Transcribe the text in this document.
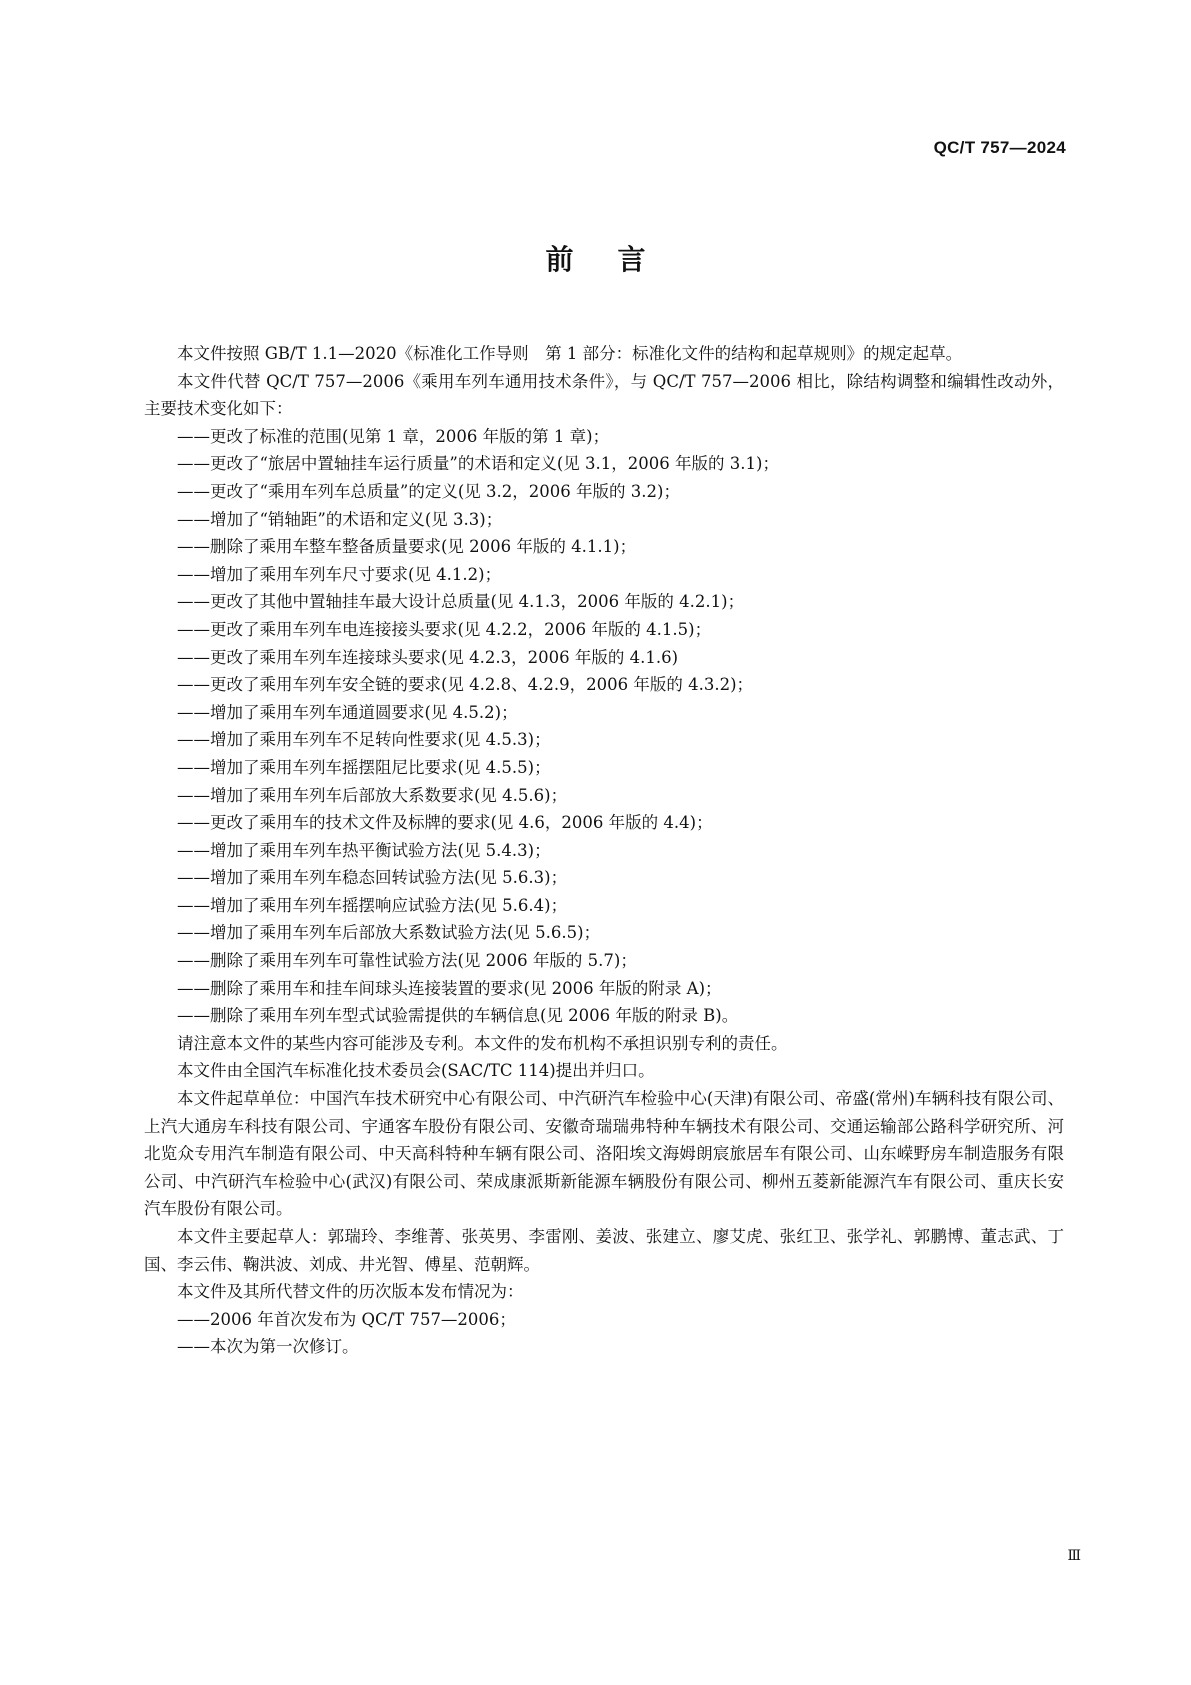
QC/T 757—2024
前言

本文件按照 GB/T 1.1—2020《标准化工作导则　第 1 部分：标准化文件的结构和起草规则》的规定起草。

本文件代替 QC/T 757—2006《乘用车列车通用技术条件》，与 QC/T 757—2006 相比，除结构调整和编辑性改动外，主要技术变化如下：

——更改了标准的范围(见第 1 章，2006 年版的第 1 章)；

——更改了“旅居中置轴挂车运行质量”的术语和定义(见 3.1，2006 年版的 3.1)；

——更改了“乘用车列车总质量”的定义(见 3.2，2006 年版的 3.2)；

——增加了“销轴距”的术语和定义(见 3.3)；

——删除了乘用车整车整备质量要求(见 2006 年版的 4.1.1)；

——增加了乘用车列车尺寸要求(见 4.1.2)；

——更改了其他中置轴挂车最大设计总质量(见 4.1.3，2006 年版的 4.2.1)；

——更改了乘用车列车电连接接头要求(见 4.2.2，2006 年版的 4.1.5)；

——更改了乘用车列车连接球头要求(见 4.2.3，2006 年版的 4.1.6)

——更改了乘用车列车安全链的要求(见 4.2.8、4.2.9，2006 年版的 4.3.2)；

——增加了乘用车列车通道圆要求(见 4.5.2)；

——增加了乘用车列车不足转向性要求(见 4.5.3)；

——增加了乘用车列车摇摆阻尼比要求(见 4.5.5)；

——增加了乘用车列车后部放大系数要求(见 4.5.6)；

——更改了乘用车的技术文件及标牌的要求(见 4.6，2006 年版的 4.4)；

——增加了乘用车列车热平衡试验方法(见 5.4.3)；

——增加了乘用车列车稳态回转试验方法(见 5.6.3)；

——增加了乘用车列车摇摆响应试验方法(见 5.6.4)；

——增加了乘用车列车后部放大系数试验方法(见 5.6.5)；

——删除了乘用车列车可靠性试验方法(见 2006 年版的 5.7)；

——删除了乘用车和挂车间球头连接装置的要求(见 2006 年版的附录 A)；

——删除了乘用车列车型式试验需提供的车辆信息(见 2006 年版的附录 B)。

请注意本文件的某些内容可能涉及专利。本文件的发布机构不承担识别专利的责任。

本文件由全国汽车标准化技术委员会(SAC/TC 114)提出并归口。

本文件起草单位：中国汽车技术研究中心有限公司、中汽研汽车检验中心(天津)有限公司、帝盛(常州)车辆科技有限公司、上汽大通房车科技有限公司、宇通客车股份有限公司、安徽奇瑞瑞弗特种车辆技术有限公司、交通运输部公路科学研究所、河北览众专用汽车制造有限公司、中天高科特种车辆有限公司、洛阳埃文海姆朗宸旅居车有限公司、山东嵘野房车制造服务有限公司、中汽研汽车检验中心(武汉)有限公司、荣成康派斯新能源车辆股份有限公司、柳州五菱新能源汽车有限公司、重庆长安汽车股份有限公司。

本文件主要起草人：郭瑞玲、李维菁、张英男、李雷刚、姜波、张建立、廖艾虎、张红卫、张学礼、郭鹏博、董志武、丁国、李云伟、鞠洪波、刘成、井光智、傅星、范朝辉。

本文件及其所代替文件的历次版本发布情况为：

——2006 年首次发布为 QC/T 757—2006；

——本次为第一次修订。

Ⅲ
